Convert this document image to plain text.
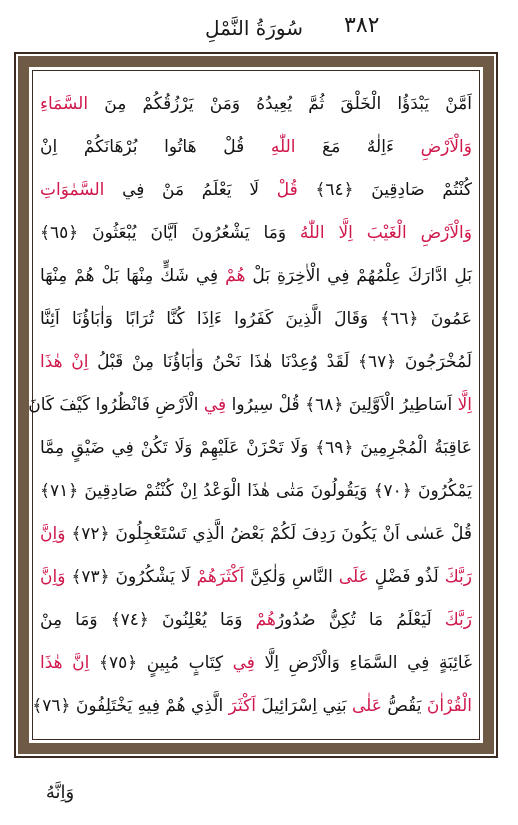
٣٨٢
سُورَةُ النَّمْلِ
اَمَّنْ يَبْدَؤُا الْخَلْقَ ثُمَّ يُعِيدُهُ وَمَنْ يَرْزُقُكُمْ مِنَ السَّمَاءِ
وَالْاَرْضِ ءَاِلٰهٌ مَعَ اللّٰهِ قُلْ هَاتُوا بُرْهَانَكُمْ اِنْ
كُنْتُمْ صَادِقِينَ ﴿٦٤﴾ قُلْ لَا يَعْلَمُ مَنْ فِي السَّمٰوَاتِ
وَالْاَرْضِ الْغَيْبَ اِلَّا اللّٰهُ وَمَا يَشْعُرُونَ اَيَّانَ يُبْعَثُونَ ﴿٦٥﴾
بَلِ ادَّارَكَ عِلْمُهُمْ فِي الْاٰخِرَةِ بَلْ هُمْ فِي شَكٍّ مِنْهَا بَلْ هُمْ مِنْهَا
عَمُونَ ﴿٦٦﴾ وَقَالَ الَّذِينَ كَفَرُوا ءَاِذَا كُنَّا تُرَابًا وَاٰبَاؤُنَا اَئِنَّا
لَمُخْرَجُونَ ﴿٦٧﴾ لَقَدْ وُعِدْنَا هٰذَا نَحْنُ وَاٰبَاؤُنَا مِنْ قَبْلُ اِنْ هٰذَا
اِلَّا اَسَاطِيرُ الْاَوَّلِينَ ﴿٦٨﴾ قُلْ سِيرُوا فِي الْاَرْضِ فَانْظُرُوا كَيْفَ كَانَ
عَاقِبَةُ الْمُجْرِمِينَ ﴿٦٩﴾ وَلَا تَحْزَنْ عَلَيْهِمْ وَلَا تَكُنْ فِي ضَيْقٍ مِمَّا
يَمْكُرُونَ ﴿٧٠﴾ وَيَقُولُونَ مَتٰى هٰذَا الْوَعْدُ اِنْ كُنْتُمْ صَادِقِينَ ﴿٧١﴾
قُلْ عَسٰى اَنْ يَكُونَ رَدِفَ لَكُمْ بَعْضُ الَّذِي تَسْتَعْجِلُونَ ﴿٧٢﴾ وَاِنَّ
رَبَّكَ لَذُو فَضْلٍ عَلَى النَّاسِ وَلٰكِنَّ اَكْثَرَهُمْ لَا يَشْكُرُونَ ﴿٧٣﴾ وَاِنَّ
رَبَّكَ لَيَعْلَمُ مَا تُكِنُّ صُدُورُهُمْ وَمَا يُعْلِنُونَ ﴿٧٤﴾ وَمَا مِنْ
غَائِبَةٍ فِي السَّمَاءِ وَالْاَرْضِ اِلَّا فِي كِتَابٍ مُبِينٍ ﴿٧٥﴾ اِنَّ هٰذَا
الْقُرْاٰنَ يَقُصُّ عَلٰى بَنِي اِسْرَائِيلَ اَكْثَرَ الَّذِي هُمْ فِيهِ يَخْتَلِفُونَ ﴿٧٦﴾
وَاِنَّهُ
